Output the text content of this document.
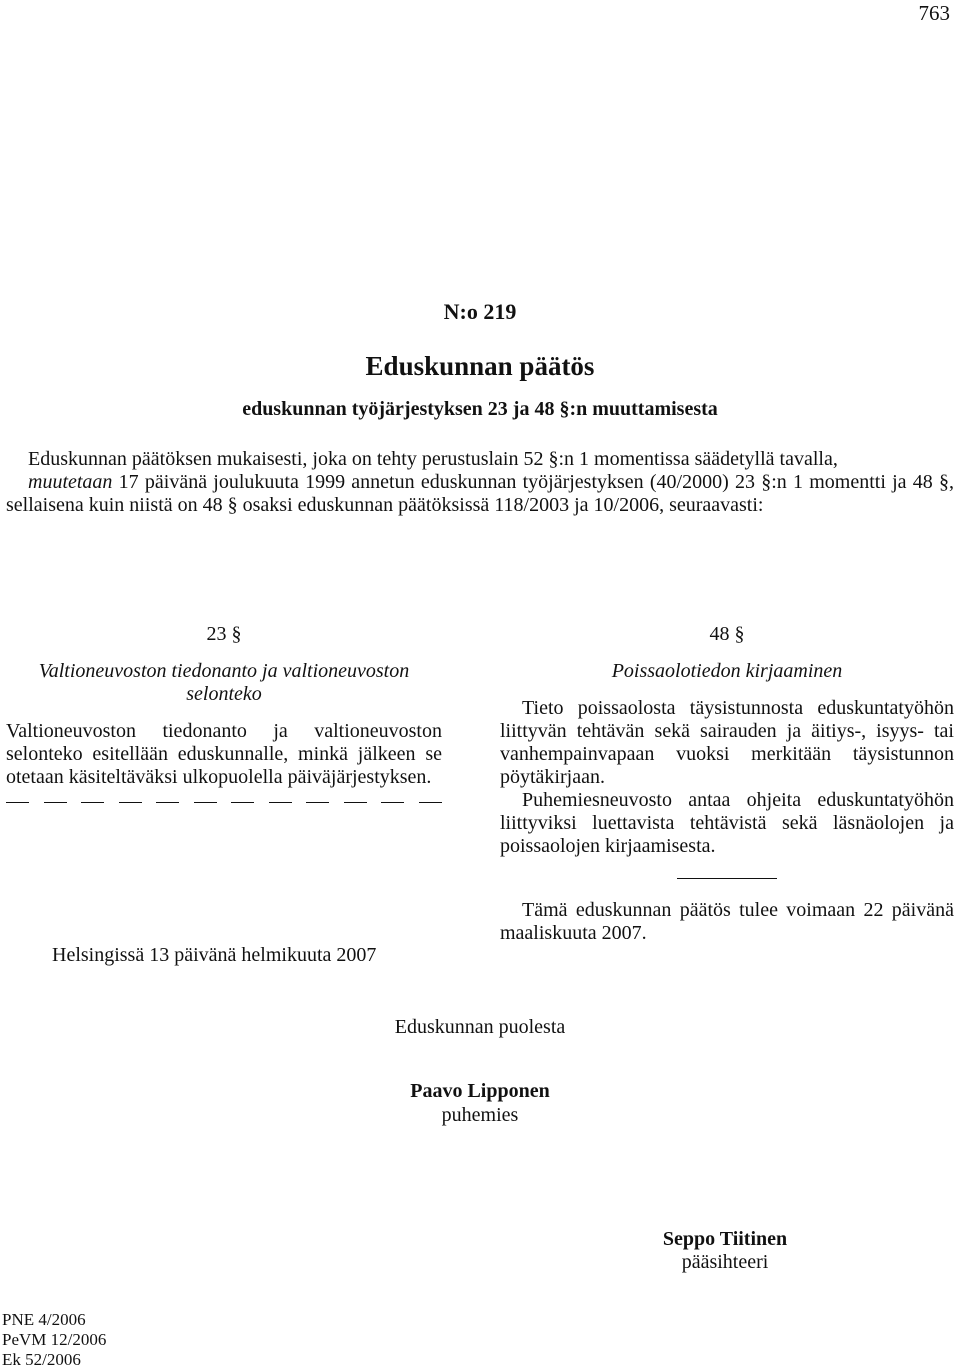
763
N:o 219
Eduskunnan päätös
eduskunnan työjärjestyksen 23 ja 48 §:n muuttamisesta

Eduskunnan päätöksen mukaisesti, joka on tehty perustuslain 52 §:n 1 momentissa säädetyllä tavalla,

muutetaan 17 päivänä joulukuuta 1999 annetun eduskunnan työjärjestyksen (40/2000) 23 §:n 1 momentti ja 48 §, sellaisena kuin niistä on 48 § osaksi eduskunnan päätöksissä 118/2003 ja 10/2006, seuraavasti:

23 §
Valtioneuvoston tiedonanto ja valtioneuvoston selonteko

Valtioneuvoston tiedonanto ja valtioneuvoston selonteko esitellään eduskunnalle, minkä jälkeen se otetaan käsiteltäväksi ulkopuolella päiväjärjestyksen.

48 §
Poissaolotiedon kirjaaminen

Tieto poissaolosta täysistunnosta eduskuntatyöhön liittyvän tehtävän sekä sairauden ja äitiys-, isyys- tai vanhempainvapaan vuoksi merkitään täysistunnon pöytäkirjaan.

Puhemiesneuvosto antaa ohjeita eduskuntatyöhön liittyviksi luettavista tehtävistä sekä läsnäolojen ja poissaolojen kirjaamisesta.

Tämä eduskunnan päätös tulee voimaan 22 päivänä maaliskuuta 2007.

Helsingissä 13 päivänä helmikuuta 2007
Eduskunnan puolesta
Paavo Lipponen
puhemies
Seppo Tiitinen
pääsihteeri
PNE 4/2006
PeVM 12/2006
Ek 52/2006
